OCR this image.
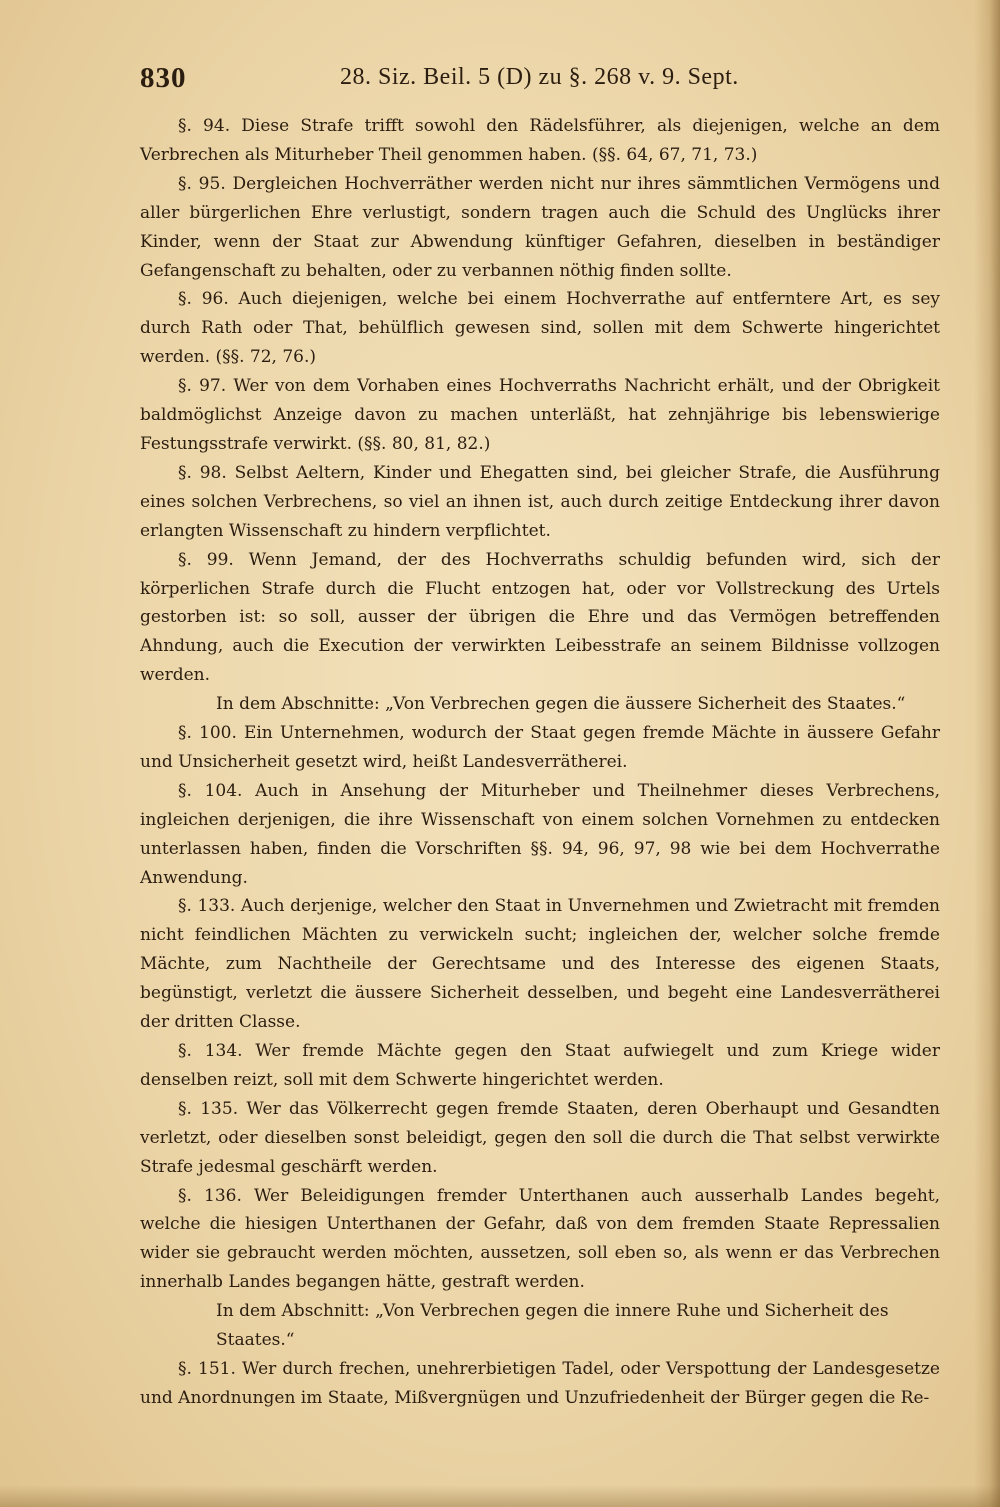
830	28. Siz. Beil. 5 (D) zu §. 268 v. 9. Sept.

§. 94. Diese Strafe trifft sowohl den Rädelsführer, als diejenigen, welche an dem Verbrechen als Miturheber Theil genommen haben. (§§. 64, 67, 71, 73.)

§. 95. Dergleichen Hochverräther werden nicht nur ihres sämmtlichen Vermögens und aller bürgerlichen Ehre verlustigt, sondern tragen auch die Schuld des Unglücks ihrer Kinder, wenn der Staat zur Abwendung künftiger Gefahren, dieselben in beständiger Gefangenschaft zu behalten, oder zu verbannen nöthig finden sollte.

§. 96. Auch diejenigen, welche bei einem Hochverrathe auf entferntere Art, es sey durch Rath oder That, behülflich gewesen sind, sollen mit dem Schwerte hingerichtet werden. (§§. 72, 76.)

§. 97. Wer von dem Vorhaben eines Hochverraths Nachricht erhält, und der Obrigkeit baldmöglichst Anzeige davon zu machen unterläßt, hat zehnjährige bis lebenswierige Festungsstrafe verwirkt. (§§. 80, 81, 82.)

§. 98. Selbst Aeltern, Kinder und Ehegatten sind, bei gleicher Strafe, die Ausführung eines solchen Verbrechens, so viel an ihnen ist, auch durch zeitige Entdeckung ihrer davon erlangten Wissenschaft zu hindern verpflichtet.

§. 99. Wenn Jemand, der des Hochverraths schuldig befunden wird, sich der körperlichen Strafe durch die Flucht entzogen hat, oder vor Vollstreckung des Urtels gestorben ist: so soll, ausser der übrigen die Ehre und das Vermögen betreffenden Ahndung, auch die Execution der verwirkten Leibesstrafe an seinem Bildnisse vollzogen werden.

In dem Abschnitte: „Von Verbrechen gegen die äussere Sicherheit des Staates.“

§. 100. Ein Unternehmen, wodurch der Staat gegen fremde Mächte in äussere Gefahr und Unsicherheit gesetzt wird, heißt Landesverrätherei.

§. 104. Auch in Ansehung der Miturheber und Theilnehmer dieses Verbrechens, ingleichen derjenigen, die ihre Wissenschaft von einem solchen Vornehmen zu entdecken unterlassen haben, finden die Vorschriften §§. 94, 96, 97, 98 wie bei dem Hochverrathe Anwendung.

§. 133. Auch derjenige, welcher den Staat in Unvernehmen und Zwietracht mit fremden nicht feindlichen Mächten zu verwickeln sucht; ingleichen der, welcher solche fremde Mächte, zum Nachtheile der Gerechtsame und des Interesse des eigenen Staats, begünstigt, verletzt die äussere Sicherheit desselben, und begeht eine Landesverrätherei der dritten Classe.

§. 134. Wer fremde Mächte gegen den Staat aufwiegelt und zum Kriege wider denselben reizt, soll mit dem Schwerte hingerichtet werden.

§. 135. Wer das Völkerrecht gegen fremde Staaten, deren Oberhaupt und Gesandten verletzt, oder dieselben sonst beleidigt, gegen den soll die durch die That selbst verwirkte Strafe jedesmal geschärft werden.

§. 136. Wer Beleidigungen fremder Unterthanen auch ausserhalb Landes begeht, welche die hiesigen Unterthanen der Gefahr, daß von dem fremden Staate Repressalien wider sie gebraucht werden möchten, aussetzen, soll eben so, als wenn er das Verbrechen innerhalb Landes begangen hätte, gestraft werden.

In dem Abschnitt: „Von Verbrechen gegen die innere Ruhe und Sicherheit des Staates.“

§. 151. Wer durch frechen, unehrerbietigen Tadel, oder Verspottung der Landesgesetze und Anordnungen im Staate, Mißvergnügen und Unzufriedenheit der Bürger gegen die Re-
